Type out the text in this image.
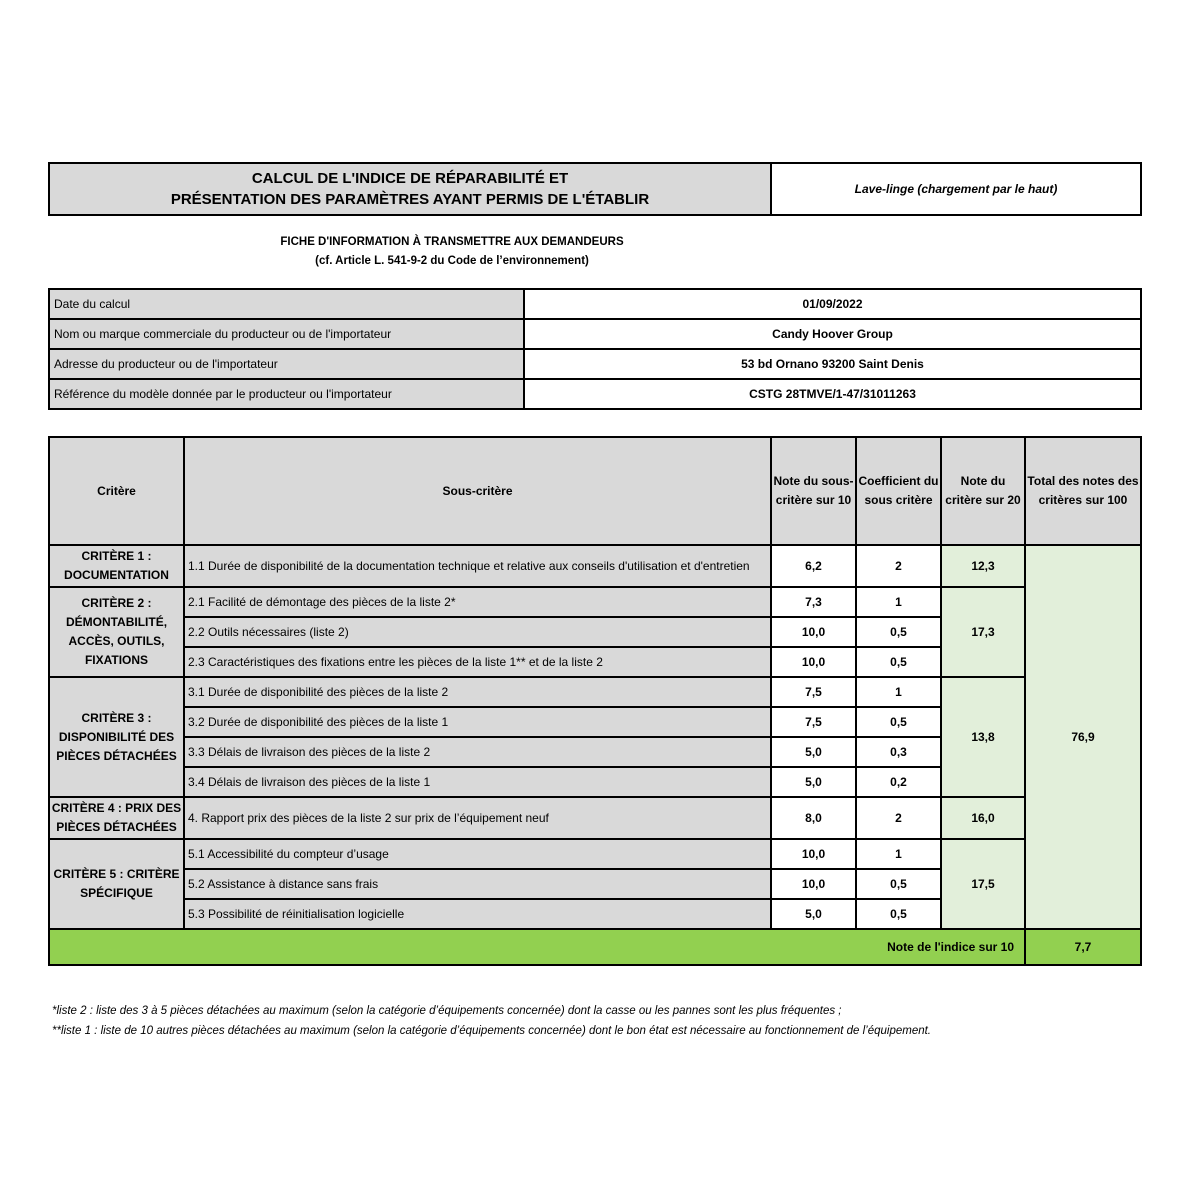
CALCUL DE L'INDICE DE RÉPARABILITÉ ET
PRÉSENTATION DES PARAMÈTRES AYANT PERMIS DE L'ÉTABLIR
	Lave-linge (chargement par le haut)
FICHE D'INFORMATION À TRANSMETTRE AUX DEMANDEURS
(cf. Article L. 541-9-2 du Code de l’environnement)
Date du calcul	01/09/2022
Nom ou marque commerciale du producteur ou de l'importateur	Candy Hoover Group
Adresse du producteur ou de l'importateur	53 bd Ornano 93200 Saint Denis
Référence du modèle donnée par le producteur ou l'importateur	CSTG 28TMVE/1-47/31011263
Critère	Sous-critère	Note du sous-critère sur 10	Coefficient du sous critère	Note du critère sur 20	Total des notes des critères sur 100
CRITÈRE 1 : DOCUMENTATION	1.1 Durée de disponibilité de la documentation technique et relative aux conseils d'utilisation et d'entretien	6,2	2	12,3	76,9
CRITÈRE 2 : DÉMONTABILITÉ, ACCÈS, OUTILS, FIXATIONS	2.1 Facilité de démontage des pièces de la liste 2*	7,3	1	17,3	
	2.2 Outils nécessaires (liste 2)	10,0	0,5		
	2.3 Caractéristiques des fixations entre les pièces de la liste 1** et de la liste 2	10,0	0,5		
CRITÈRE 3 : DISPONIBILITÉ DES PIÈCES DÉTACHÉES	3.1 Durée de disponibilité des pièces de la liste 2	7,5	1	13,8	
	3.2 Durée de disponibilité des pièces de la liste 1	7,5	0,5		
	3.3 Délais de livraison des pièces de la liste 2	5,0	0,3		
	3.4 Délais de livraison des pièces de la liste 1	5,0	0,2		
CRITÈRE 4 : PRIX DES PIÈCES DÉTACHÉES	4. Rapport prix des pièces de la liste 2 sur prix de l’équipement neuf	8,0	2	16,0	
CRITÈRE 5 : CRITÈRE SPÉCIFIQUE	5.1 Accessibilité du compteur d’usage	10,0	1	17,5	
	5.2 Assistance à distance sans frais	10,0	0,5		
	5.3 Possibilité de réinitialisation logicielle	5,0	0,5		
Note de l'indice sur 10					7,7
*liste 2 : liste des 3 à 5 pièces détachées au maximum (selon la catégorie d’équipements concernée) dont la casse ou les pannes sont les plus fréquentes ;
**liste 1 : liste de 10 autres pièces détachées au maximum (selon la catégorie d’équipements concernée) dont le bon état est nécessaire au fonctionnement de l’équipement.
